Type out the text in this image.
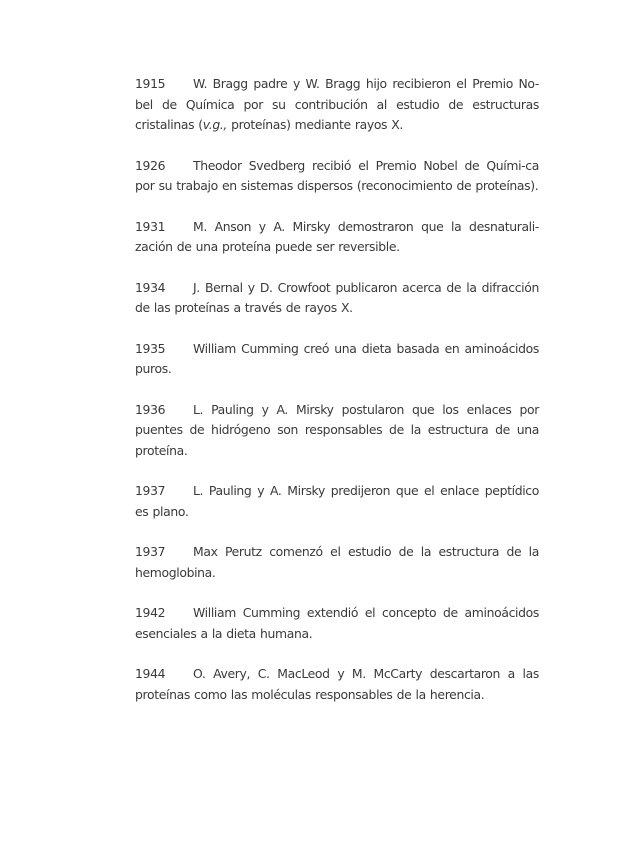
1915 W. Bragg padre y W. Bragg hijo recibieron el Premio No-bel de Química por su contribución al estudio de estructuras cristalinas (v.g., proteínas) mediante rayos X.
1926 Theodor Svedberg recibió el Premio Nobel de Quími-ca por su trabajo en sistemas dispersos (reconocimiento de proteínas).
1931 M. Anson y A. Mirsky demostraron que la desnaturali-zación de una proteína puede ser reversible.
1934 J. Bernal y D. Crowfoot publicaron acerca de la difracción de las proteínas a través de rayos X.
1935 William Cumming creó una dieta basada en aminoácidos puros.
1936 L. Pauling y A. Mirsky postularon que los enlaces por puentes de hidrógeno son responsables de la estructura de una proteína.
1937 L. Pauling y A. Mirsky predijeron que el enlace peptídico es plano.
1937 Max Perutz comenzó el estudio de la estructura de la hemoglobina.
1942 William Cumming extendió el concepto de aminoácidos esenciales a la dieta humana.
1944 O. Avery, C. MacLeod y M. McCarty descartaron a las proteínas como las moléculas responsables de la herencia.
